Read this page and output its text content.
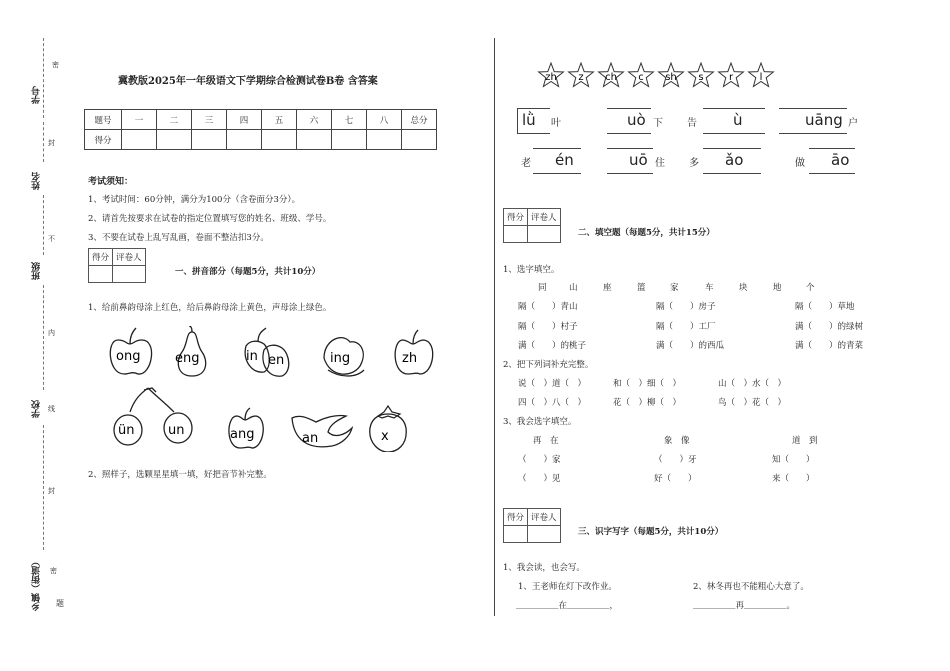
密
学号
封
姓名
不
班级
内
学校 线
封
乡镇（街道） 密
题
冀教版2025年一年级语文下学期综合检测试卷B卷 含答案
题号	一	二	三	四	五	六	七	八	总分
得分									
考试须知：
1、考试时间：60分钟，满分为100分（含卷面分3分）。
2、请首先按要求在试卷的指定位置填写您的姓名、班级、学号。
3、不要在试卷上乱写乱画，卷面不整洁扣3分。
得分	评卷人

一、拼音部分（每题5分，共计10分）
1、给前鼻韵母涂上红色，给后鼻韵母涂上黄色，声母涂上绿色。
ong	eng	in en	ing	zh
ün	un	ang	an	x
2、照样子，选颗星星填一填，好把音节补完整。
zh z ch c sh s	r	l
lǜ 叶	uò 下 告 ù	uāng 户
老 én	uō 住 多 ǎo	做 āo
得分	评卷人

二、填空题（每题5分，共计15分）
1、选字填空。
同	山	座	篮	家	车	块	地	个
隔（　　）青山	隔（　　）房子	隔（　　）草地
隔（　　）村子	隔（　　）工厂	满（　　）的绿树
满（　　）的桃子	满（　　）的西瓜	满（　　）的青菜
2、把下列词补充完整。
说（　）道（　）	和（　）细（　）	山（　）水（　）
四（　）八（　）	花（　）柳（　）	鸟（　）花（　）
3、我会选字填空。
再　在	象　像	道　到
（　　）家	（　　）牙	知（　　）
（　　）见	好（　　）	来（　　）
得分	评卷人

三、识字写字（每题5分，共计10分）
1、我会读，也会写。
1、王老师在灯下改作业。	2、林冬再也不能粗心大意了。
＿＿＿＿＿在＿＿＿＿＿，	＿＿＿＿＿再＿＿＿＿＿。
